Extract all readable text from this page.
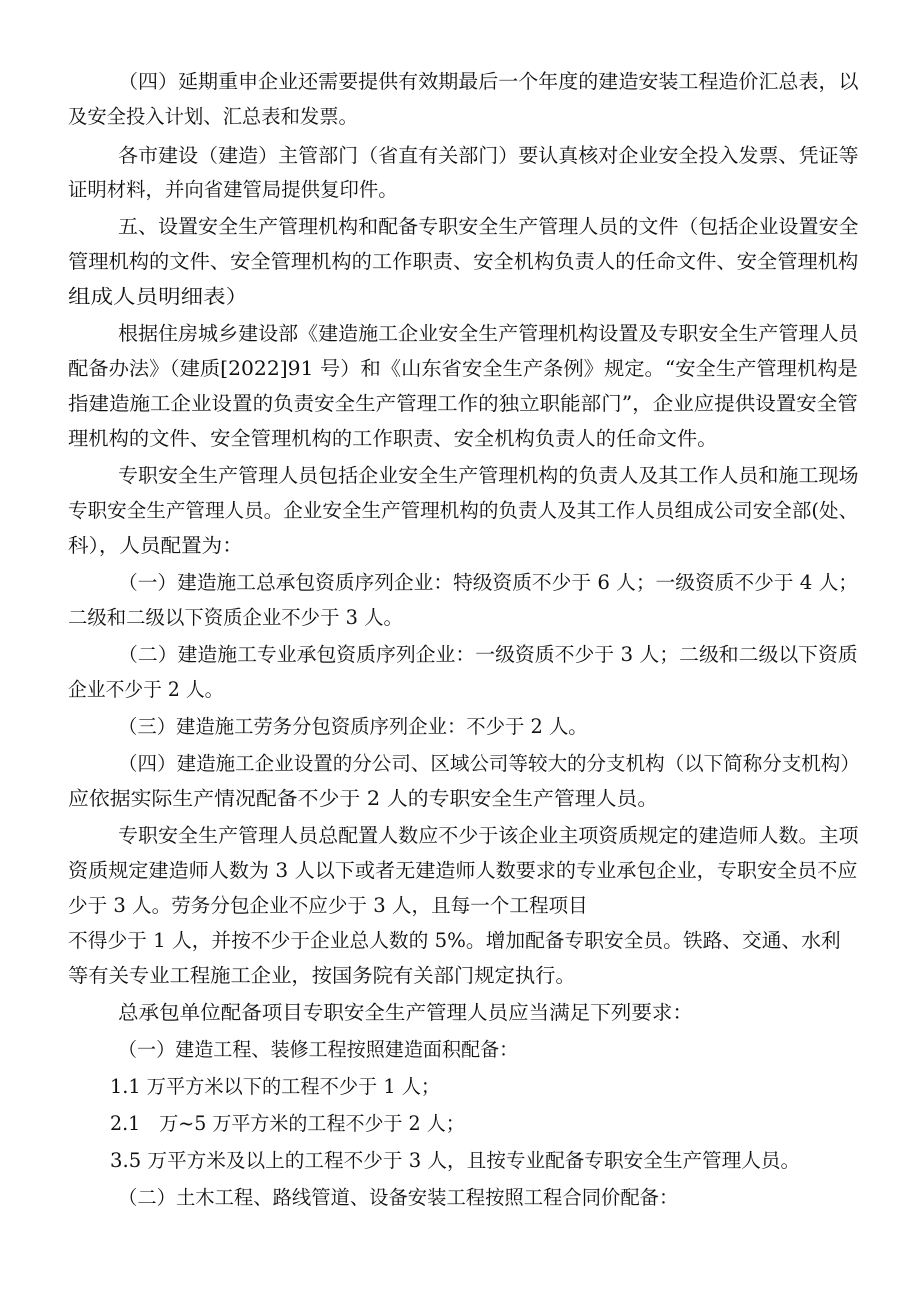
（四）延期重申企业还需要提供有效期最后一个年度的建造安装工程造价汇总表，以
及安全投入计划、汇总表和发票。
各市建设（建造）主管部门（省直有关部门）要认真核对企业安全投入发票、凭证等
证明材料，并向省建管局提供复印件。
五、设置安全生产管理机构和配备专职安全生产管理人员的文件（包括企业设置安全
管理机构的文件、安全管理机构的工作职责、安全机构负责人的任命文件、安全管理机构
组成人员明细表）
根据住房城乡建设部《建造施工企业安全生产管理机构设置及专职安全生产管理人员
配备办法》（建质[2022]91 号）和《山东省安全生产条例》规定。“安全生产管理机构是
指建造施工企业设置的负责安全生产管理工作的独立职能部门”，企业应提供设置安全管
理机构的文件、安全管理机构的工作职责、安全机构负责人的任命文件。
专职安全生产管理人员包括企业安全生产管理机构的负责人及其工作人员和施工现场
专职安全生产管理人员。企业安全生产管理机构的负责人及其工作人员组成公司安全部(处、
科），人员配置为：
（一）建造施工总承包资质序列企业：特级资质不少于 6 人；一级资质不少于 4 人；
二级和二级以下资质企业不少于 3 人。
（二）建造施工专业承包资质序列企业：一级资质不少于 3 人；二级和二级以下资质
企业不少于 2 人。
（三）建造施工劳务分包资质序列企业：不少于 2 人。
（四）建造施工企业设置的分公司、区域公司等较大的分支机构（以下简称分支机构）
应依据实际生产情况配备不少于 2 人的专职安全生产管理人员。
专职安全生产管理人员总配置人数应不少于该企业主项资质规定的建造师人数。主项
资质规定建造师人数为 3 人以下或者无建造师人数要求的专业承包企业，专职安全员不应
少于 3 人。劳务分包企业不应少于 3 人，且每一个工程项目
不得少于 1 人，并按不少于企业总人数的 5%。增加配备专职安全员。铁路、交通、水利
等有关专业工程施工企业，按国务院有关部门规定执行。
总承包单位配备项目专职安全生产管理人员应当满足下列要求：
（一）建造工程、装修工程按照建造面积配备：
1.1 万平方米以下的工程不少于 1 人；
2.1　万~5 万平方米的工程不少于 2 人；
3.5 万平方米及以上的工程不少于 3 人，且按专业配备专职安全生产管理人员。
（二）土木工程、路线管道、设备安装工程按照工程合同价配备：
